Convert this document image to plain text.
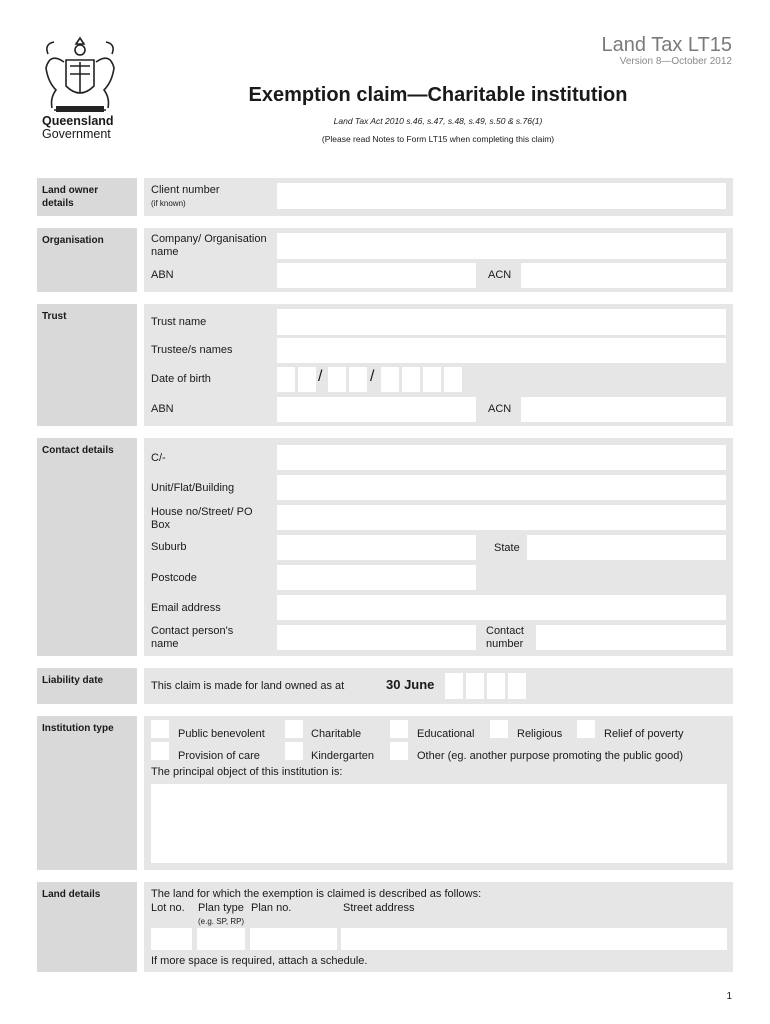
Queensland
Government
Land Tax LT15
Version 8—October 2012
Exemption claim—Charitable institution
Land Tax Act 2010 s.46, s.47, s.48, s.49, s.50 & s.76(1)
(Please read Notes to Form LT15 when completing this claim)
Land owner details
Client number
(if known)
Organisation	Company/ Organisation name
ABN	ACN
Trust	Trust name
Trustee/s names
Date of birth	/	/
ABN	ACN
Contact details
C/-
Unit/Flat/Building
House no/Street/ PO Box
Suburb	State
Postcode
Email address
Contact person's name
Contact number
Liability date	This claim is made for land owned as at	30 June
Institution type	Public benevolent	Charitable	Educational	Religious	Relief of poverty
Provision of care	Kindergarten	Other (eg. another purpose promoting the public good)
The principal object of this institution is:
Land details	The land for which the exemption is claimed is described as follows:
Lot no. Plan type
(e.g. SP, RP)
Plan no.	Street address
If more space is required, attach a schedule.
1
